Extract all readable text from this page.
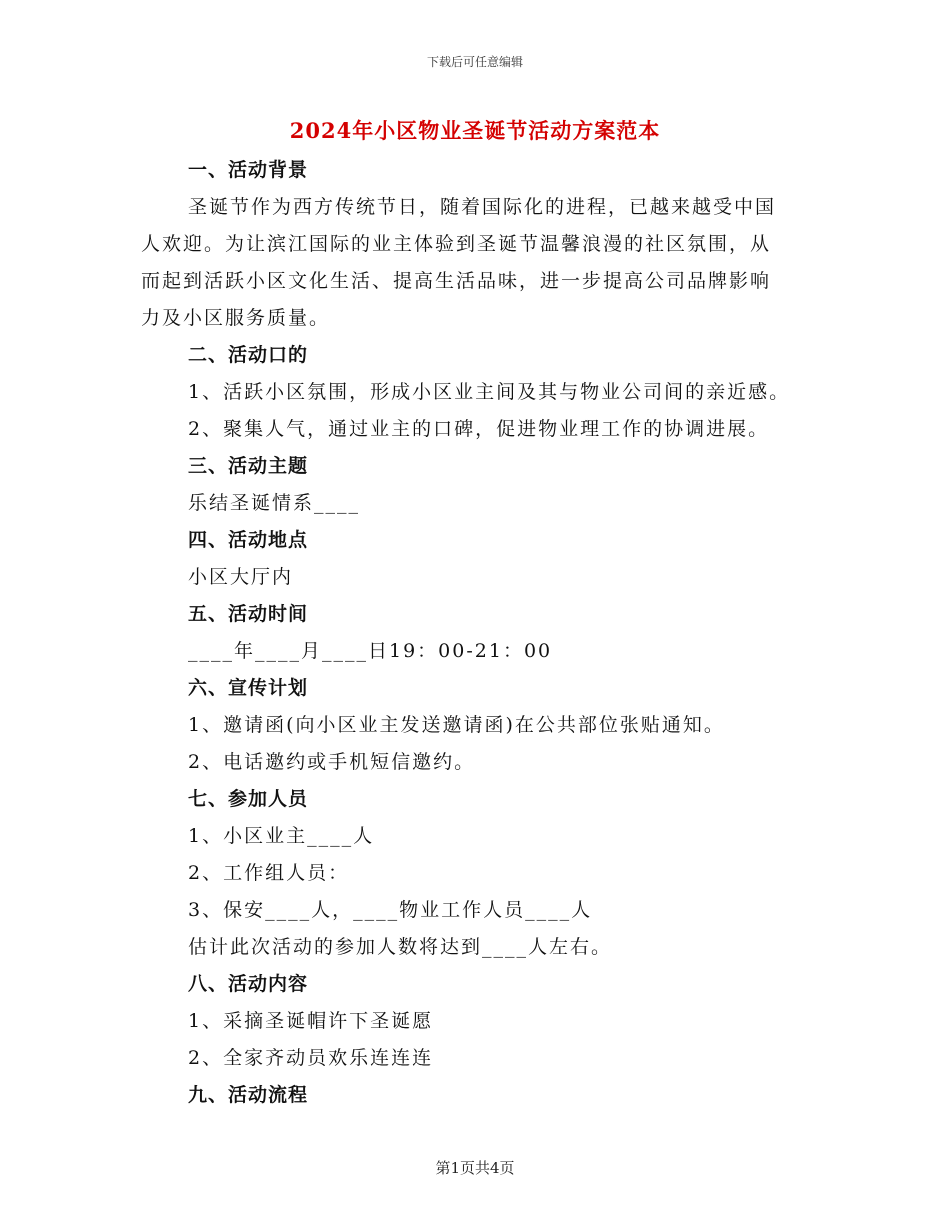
下载后可任意编辑
2024年小区物业圣诞节活动方案范本
一、活动背景
圣诞节作为西方传统节日，随着国际化的进程，已越来越受中国
人欢迎。为让滨江国际的业主体验到圣诞节温馨浪漫的社区氛围，从
而起到活跃小区文化生活、提高生活品味，进一步提高公司品牌影响
力及小区服务质量。
二、活动口的
1、活跃小区氛围，形成小区业主间及其与物业公司间的亲近感。
2、聚集人气，通过业主的口碑，促进物业理工作的协调进展。
三、活动主题
乐结圣诞情系____
四、活动地点
小区大厅内
五、活动时间
____年____月____日19：00-21：00
六、宣传计划
1、邀请函(向小区业主发送邀请函)在公共部位张贴通知。
2、电话邀约或手机短信邀约。
七、参加人员
1、小区业主____人
2、工作组人员：
3、保安____人，____物业工作人员____人
估计此次活动的参加人数将达到____人左右。
八、活动内容
1、采摘圣诞帽许下圣诞愿
2、全家齐动员欢乐连连连
九、活动流程
第1页共4页
